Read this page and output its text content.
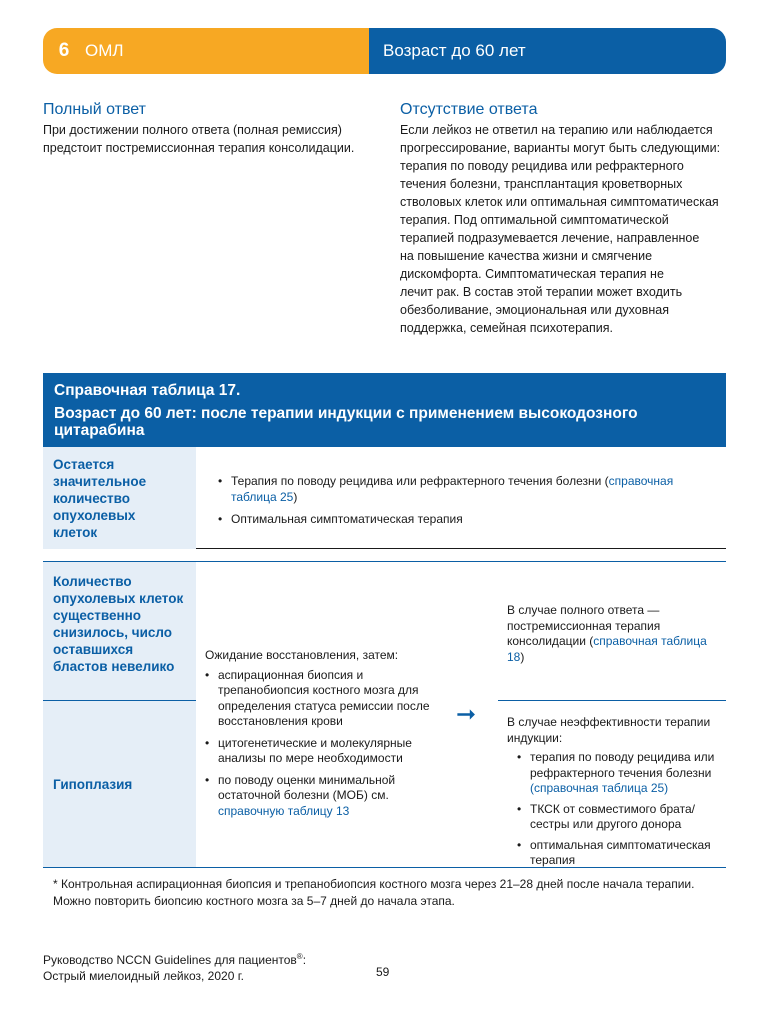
6 ОМЛ	Возраст до 60 лет
Полный ответ
При достижении полного ответа (полная ремиссия)
предстоит постремиссионная терапия консолидации.
Отсутствие ответа
Если лейкоз не ответил на терапию или наблюдается
прогрессирование, варианты могут быть следующими:
терапия по поводу рецидива или рефрактерного
течения болезни, трансплантация кроветворных
стволовых клеток или оптимальная симптоматическая
терапия. Под оптимальной симптоматической
терапией подразумевается лечение, направленное
на повышение качества жизни и смягчение
дискомфорта. Симптоматическая терапия не
лечит рак. В состав этой терапии может входить
обезболивание, эмоциональная или духовная
поддержка, семейная психотерапия.
Справочная таблица 17.
Возраст до 60 лет: после терапии индукции с применением высокодозного цитарабина
Остается значительное количество опухолевых клеток
• Терапия по поводу рецидива или рефрактерного течения болезни (справочная таблица 25)
• Оптимальная симптоматическая терапия
Количество опухолевых клеток существенно снизилось, число оставшихся бластов невелико
Гипоплазия
Ожидание восстановления, затем:
• аспирационная биопсия и трепанобиопсия костного мозга для определения статуса ремиссии после восстановления крови
• цитогенетические и молекулярные анализы по мере необходимости
• по поводу оценки минимальной остаточной болезни (МОБ) см. справочную таблицу 13
➞
В случае полного ответа — постремиссионная терапия консолидации (справочная таблица 18)
В случае неэффективности терапии индукции:
• терапия по поводу рецидива или рефрактерного течения болезни (справочная таблица 25)
• ТКСК от совместимого брата/ сестры или другого донора
• оптимальная симптоматическая терапия
* Контрольная аспирационная биопсия и трепанобиопсия костного мозга через 21–28 дней после начала терапии.
Можно повторить биопсию костного мозга за 5–7 дней до начала этапа.
Руководство NCCN Guidelines для пациентов®:
Острый миелоидный лейкоз, 2020 г.	59
